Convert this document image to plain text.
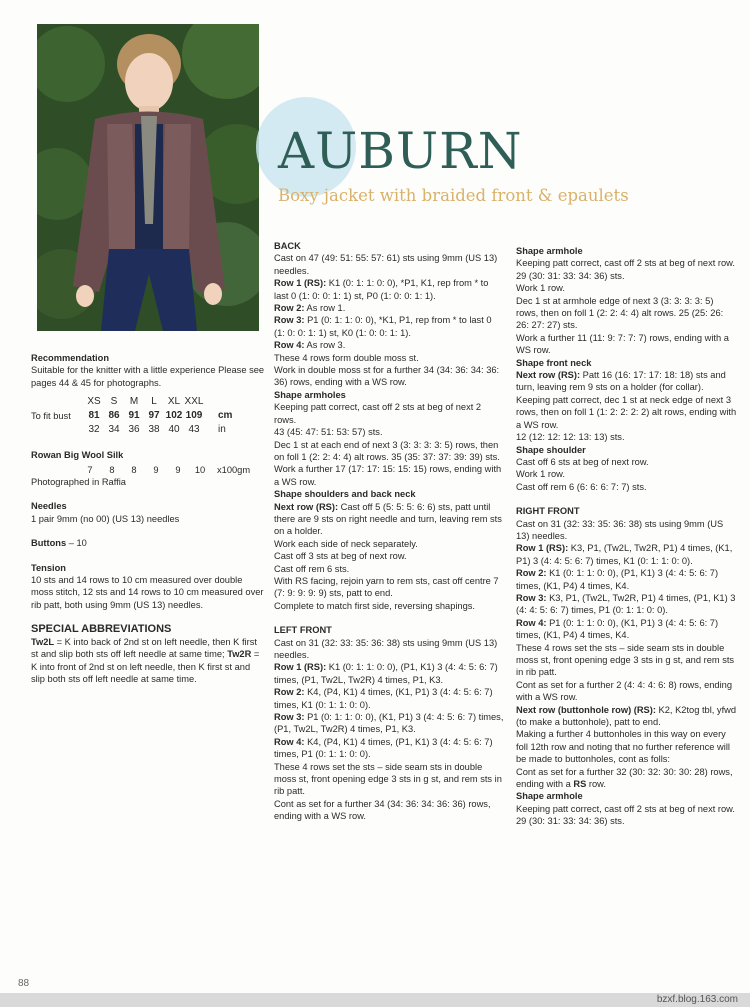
AUBURN
Boxy jacket with braided front & epaulets

Recommendation

Suitable for the knitter with a little experience Please see pages 44 & 45 for photographs.

	XS	S	M	L	XL	XXL	
To fit bust	81	86	91	97	102	109	cm
	32	34	36	38	40	43	in

Rowan Big Wool Silk

7	8	8	9	9	10	x100gm

Photographed in Raffia

Needles

1 pair 9mm (no 00) (US 13) needles

Buttons – 10

Tension

10 sts and 14 rows to 10 cm measured over double moss stitch, 12 sts and 14 rows to 10 cm measured over rib patt, both using 9mm (US 13) needles.

SPECIAL ABBREVIATIONS

Tw2L = K into back of 2nd st on left needle, then K first st and slip both sts off left needle at same time; Tw2R = K into front of 2nd st on left needle, then K first st and slip both sts off left needle at same time.

BACK

Cast on 47 (49: 51: 55: 57: 61) sts using 9mm (US 13) needles.

Row 1 (RS): K1 (0: 1: 1: 0: 0), *P1, K1, rep from * to last 0 (1: 0: 0: 1: 1) st, P0 (1: 0: 0: 1: 1).

Row 2: As row 1.

Row 3: P1 (0: 1: 1: 0: 0), *K1, P1, rep from * to last 0 (1: 0: 0: 1: 1) st, K0 (1: 0: 0: 1: 1).

Row 4: As row 3.

These 4 rows form double moss st.

Work in double moss st for a further 34 (34: 36: 34: 36: 36) rows, ending with a WS row.

Shape armholes

Keeping patt correct, cast off 2 sts at beg of next 2 rows.

43 (45: 47: 51: 53: 57) sts.

Dec 1 st at each end of next 3 (3: 3: 3: 3: 5) rows, then on foll 1 (2: 2: 4: 4) alt rows. 35 (35: 37: 37: 39: 39) sts.

Work a further 17 (17: 17: 15: 15: 15) rows, ending with a WS row.

Shape shoulders and back neck

Next row (RS): Cast off 5 (5: 5: 5: 6: 6) sts, patt until there are 9 sts on right needle and turn, leaving rem sts on a holder.

Work each side of neck separately.

Cast off 3 sts at beg of next row.

Cast off rem 6 sts.

With RS facing, rejoin yarn to rem sts, cast off centre 7 (7: 9: 9: 9: 9) sts, patt to end.

Complete to match first side, reversing shapings.

LEFT FRONT

Cast on 31 (32: 33: 35: 36: 38) sts using 9mm (US 13) needles.

Row 1 (RS): K1 (0: 1: 1: 0: 0), (P1, K1) 3 (4: 4: 5: 6: 7) times, (P1, Tw2L, Tw2R) 4 times, P1, K3.

Row 2: K4, (P4, K1) 4 times, (K1, P1) 3 (4: 4: 5: 6: 7) times, K1 (0: 1: 1: 0: 0).

Row 3: P1 (0: 1: 1: 0: 0), (K1, P1) 3 (4: 4: 5: 6: 7) times, (P1, Tw2L, Tw2R) 4 times, P1, K3.

Row 4: K4, (P4, K1) 4 times, (P1, K1) 3 (4: 4: 5: 6: 7) times, P1 (0: 1: 1: 0: 0).

These 4 rows set the sts – side seam sts in double moss st, front opening edge 3 sts in g st, and rem sts in rib patt.

Cont as set for a further 34 (34: 36: 34: 36: 36) rows, ending with a WS row.

Shape armhole

Keeping patt correct, cast off 2 sts at beg of next row. 29 (30: 31: 33: 34: 36) sts.

Work 1 row.

Dec 1 st at armhole edge of next 3 (3: 3: 3: 3: 5) rows, then on foll 1 (2: 2: 4: 4) alt rows. 25 (25: 26: 26: 27: 27) sts.

Work a further 11 (11: 9: 7: 7: 7) rows, ending with a WS row.

Shape front neck

Next row (RS): Patt 16 (16: 17: 17: 18: 18) sts and turn, leaving rem 9 sts on a holder (for collar).

Keeping patt correct, dec 1 st at neck edge of next 3 rows, then on foll 1 (1: 2: 2: 2: 2) alt rows, ending with a WS row.

12 (12: 12: 12: 13: 13) sts.

Shape shoulder

Cast off 6 sts at beg of next row.

Work 1 row.

Cast off rem 6 (6: 6: 6: 7: 7) sts.

RIGHT FRONT

Cast on 31 (32: 33: 35: 36: 38) sts using 9mm (US 13) needles.

Row 1 (RS): K3, P1, (Tw2L, Tw2R, P1) 4 times, (K1, P1) 3 (4: 4: 5: 6: 7) times, K1 (0: 1: 1: 0: 0).

Row 2: K1 (0: 1: 1: 0: 0), (P1, K1) 3 (4: 4: 5: 6: 7) times, (K1, P4) 4 times, K4.

Row 3: K3, P1, (Tw2L, Tw2R, P1) 4 times, (P1, K1) 3 (4: 4: 5: 6: 7) times, P1 (0: 1: 1: 0: 0).

Row 4: P1 (0: 1: 1: 0: 0), (K1, P1) 3 (4: 4: 5: 6: 7) times, (K1, P4) 4 times, K4.

These 4 rows set the sts – side seam sts in double moss st, front opening edge 3 sts in g st, and rem sts in rib patt.

Cont as set for a further 2 (4: 4: 4: 6: 8) rows, ending with a WS row.

Next row (buttonhole row) (RS): K2, K2tog tbl, yfwd (to make a buttonhole), patt to end.

Making a further 4 buttonholes in this way on every foll 12th row and noting that no further reference will be made to buttonholes, cont as folls:

Cont as set for a further 32 (30: 32: 30: 30: 28) rows, ending with a RS row.

Shape armhole

Keeping patt correct, cast off 2 sts at beg of next row. 29 (30: 31: 33: 34: 36) sts.

88
bzxf.blog.163.com
